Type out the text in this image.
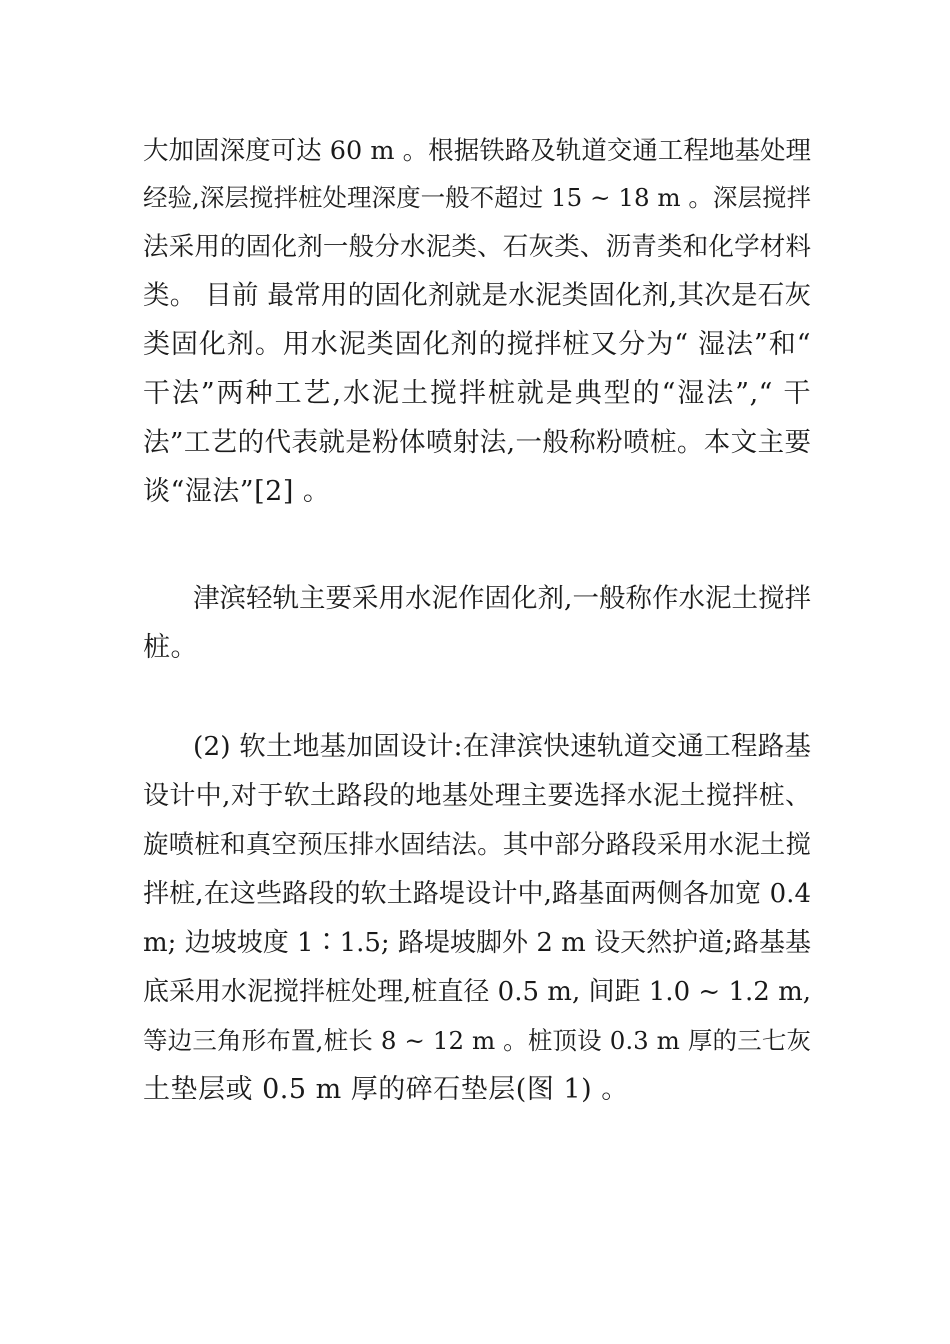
大加固深度可达 60 m 。根据铁路及轨道交通工程地基处理
经验,深层搅拌桩处理深度一般不超过 15 ~ 18 m 。深层搅拌
法采用的固化剂一般分水泥类、石灰类、沥青类和化学材料
类。 目前 最常用的固化剂就是水泥类固化剂,其次是石灰
类固化剂。用水泥类固化剂的搅拌桩又分为“ 湿法”和“
干法”两种工艺,水泥土搅拌桩就是典型的“湿法”,“ 干
法”工艺的代表就是粉体喷射法,一般称粉喷桩。本文主要
谈“湿法”[2] 。
津滨轻轨主要采用水泥作固化剂,一般称作水泥土搅拌
桩。
(2) 软土地基加固设计:在津滨快速轨道交通工程路基
设计中,对于软土路段的地基处理主要选择水泥土搅拌桩、
旋喷桩和真空预压排水固结法。其中部分路段采用水泥土搅
拌桩,在这些路段的软土路堤设计中,路基面两侧各加宽 0.4
m; 边坡坡度 1∶1.5; 路堤坡脚外 2 m 设天然护道;路基基
底采用水泥搅拌桩处理,桩直径 0.5 m, 间距 1.0 ~ 1.2 m,
等边三角形布置,桩长 8 ~ 12 m 。桩顶设 0.3 m 厚的三七灰
土垫层或 0.5 m 厚的碎石垫层(图 1) 。
